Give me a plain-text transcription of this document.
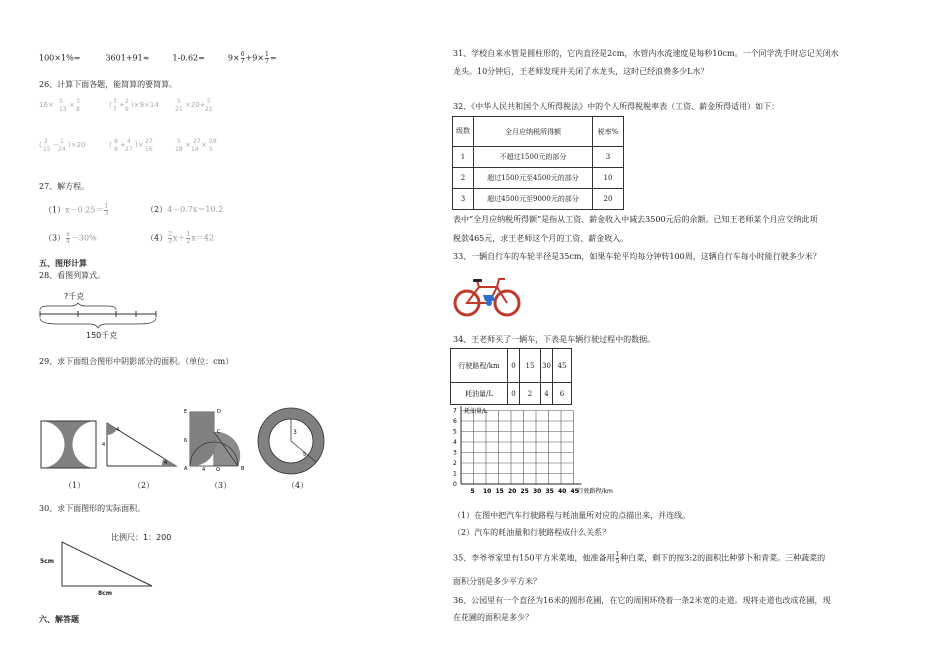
100×1%=	3601+91≈	1-0.62=	$9\times \frac{6}{7} +9\times \frac{1}{7}$ =
26、计算下面各题，能简算的要简算。
16× 5
13
× 3
8
( 3
7
+ 2
9
)×9×14	5
21
×20+ 5
21
( 2
15
− 1
24
)×20	( 8
9
+ 4
27
)× 27
16
5
18
× 27
14
× 28
5
27、解方程。
$(1)x-0.25= \frac{1}{3}$	（2）4－0.7x＝10.2
$(3) \frac{x}{4} -30\%$	$(4) \frac{2}{3} x+ \frac{1}{2} x=42$
五、图形计算
28、看图列算式。
?千克
150千克
29、求下面组合图形中阴影部分的面积。（单位：cm）
4
4
4
E	D
C
A	O	B
6
4
3
5
（1）	（2）	（3）	（4）
30、求下面图形的实际面积。
比例尺：1：200
5cm
8cm
六、解答题
31、学校自来水管是圆柱形的，它内直径是2cm，水管内水流速度是每秒10cm。一个同学洗手时忘记关闭水
龙头。10分钟后，王老师发现并关闭了水龙头，这时已经浪费多少L水？
32、《中华人民共和国个人所得税法》中的个人所得税税率表（工资、薪金所得适用）如下：
级数	全月应纳税所得额	税率%
1	不超过1500元的部分	3
2	超过1500元至4500元的部分	10
3	超过4500元至9000元的部分	20
表中“全月应纳税所得额”是指从工资、薪金收入中减去3500元后的余额。已知王老师某个月应交纳此项
税款465元，求王老师这个月的工资、薪金收入。
33、一辆自行车的车轮半径是35cm，如果车轮平均每分钟转100周，这辆自行车每小时能行驶多少米？
34、王老师买了一辆车，下表是车辆行驶过程中的数据。
行驶路程/km	0	15	30	45
耗油量/L	0	2	4	6
耗油量/L
7
6
5
4
3
2
1
0
5 10 15 20 25 30 35 40 45
行驶路程/km
（1）在图中把汽车行驶路程与耗油量所对应的点描出来，并连线。
（2）汽车的耗油量和行驶路程成什么关系？
35、李爷爷家里有150平方米菜地，他准备用 $\frac{1}{5}$ 种白菜，剩下的按3:2的面积比种萝卜和青菜。三种蔬菜的
面积分别是多少平方米？
36、公园里有一个直径为16米的圆形花圃，在它的周围环绕着一条2米宽的走道。现将走道也改成花圃，现
在花圃的面积是多少？
